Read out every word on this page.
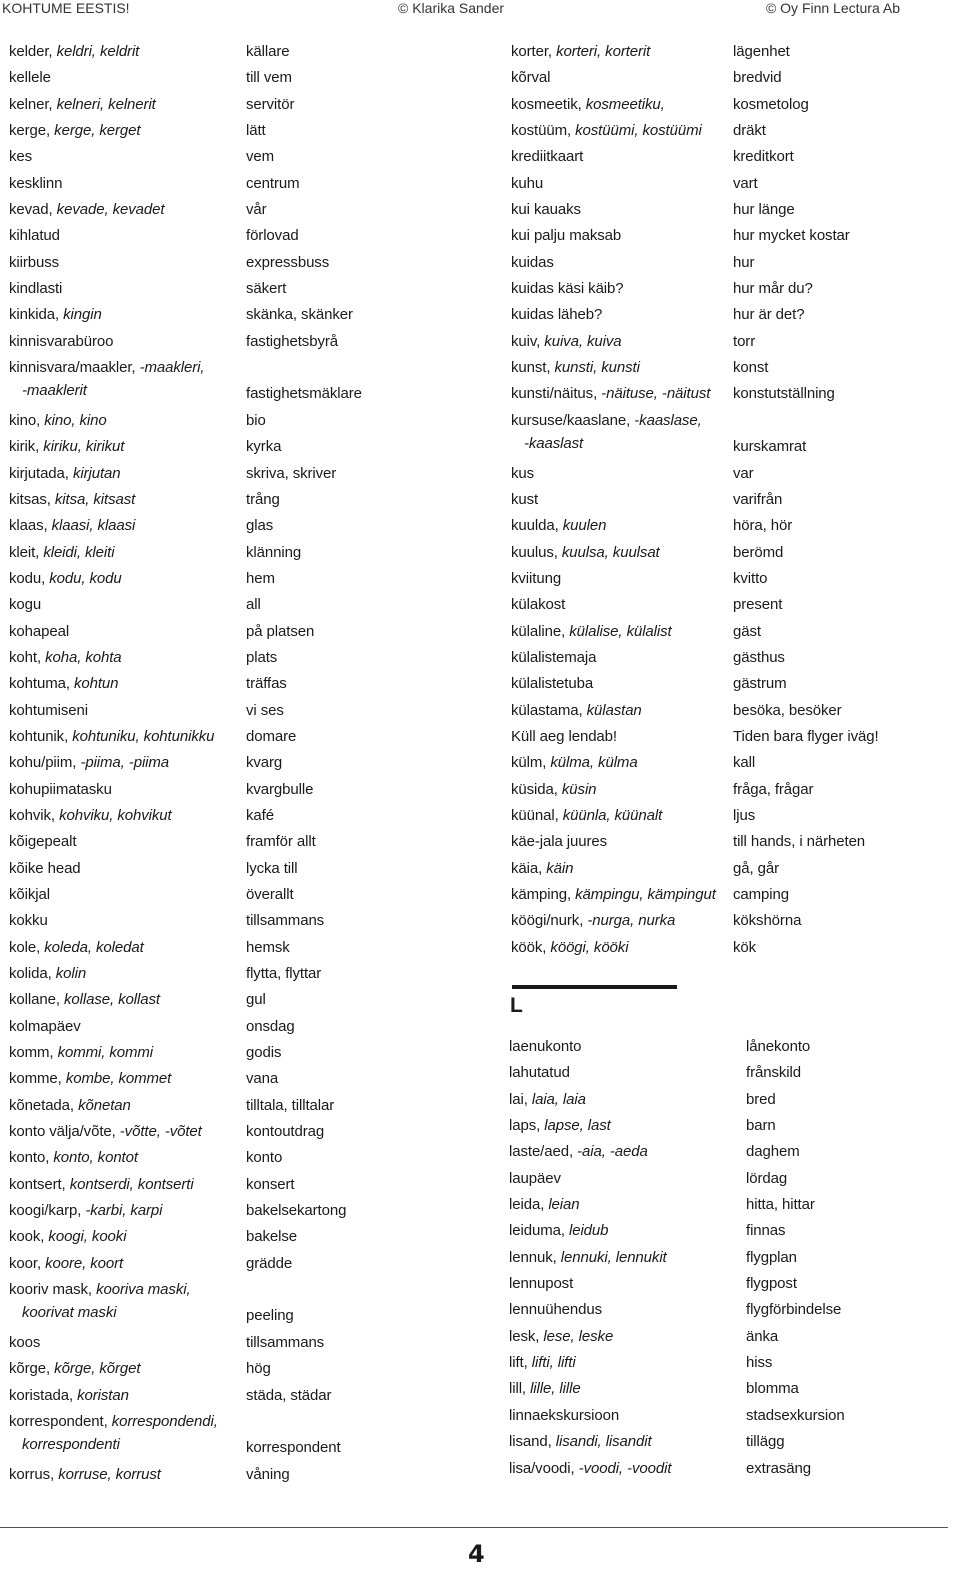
KOHTUME EESTIS!	© Klarika Sander	© Oy Finn Lectura Ab
kelder, keldri, keldrit	källare
kellele	till vem
kelner, kelneri, kelnerit	servitör
kerge, kerge, kerget	lätt
kes	vem
kesklinn	centrum
kevad, kevade, kevadet	vår
kihlatud	förlovad
kiirbuss	expressbuss
kindlasti	säkert
kinkida, kingin	skänka, skänker
kinnisvarabüroo	fastighetsbyrå
kinnisvara/maakler, -maakleri,
-maaklerit	fastighetsmäklare
kino, kino, kino	bio
kirik, kiriku, kirikut	kyrka
kirjutada, kirjutan	skriva, skriver
kitsas, kitsa, kitsast	trång
klaas, klaasi, klaasi	glas
kleit, kleidi, kleiti	klänning
kodu, kodu, kodu	hem
kogu	all
kohapeal	på platsen
koht, koha, kohta	plats
kohtuma, kohtun	träffas
kohtumiseni	vi ses
kohtunik, kohtuniku, kohtunikku	domare
kohu/piim, -piima, -piima	kvarg
kohupiimatasku	kvargbulle
kohvik, kohviku, kohvikut	kafé
kõigepealt	framför allt
kõike head	lycka till
kõikjal	överallt
kokku	tillsammans
kole, koleda, koledat	hemsk
kolida, kolin	flytta, flyttar
kollane, kollase, kollast	gul
kolmapäev	onsdag
komm, kommi, kommi	godis
komme, kombe, kommet	vana
kõnetada, kõnetan	tilltala, tilltalar
konto välja/võte, -võtte, -võtet	kontoutdrag
konto, konto, kontot	konto
kontsert, kontserdi, kontserti	konsert
koogi/karp, -karbi, karpi	bakelsekartong
kook, koogi, kooki	bakelse
koor, koore, koort	grädde
kooriv mask, kooriva maski,
koorivat maski	peeling
koos	tillsammans
kõrge, kõrge, kõrget	hög
koristada, koristan	städa, städar
korrespondent, korrespondendi,
korrespondenti	korrespondent
korrus, korruse, korrust	våning
korter, korteri, korterit	lägenhet
kõrval	bredvid
kosmeetik, kosmeetiku,	kosmetolog
kostüüm, kostüümi, kostüümi	dräkt
krediitkaart	kreditkort
kuhu	vart
kui kauaks	hur länge
kui palju maksab	hur mycket kostar
kuidas	hur
kuidas käsi käib?	hur mår du?
kuidas läheb?	hur är det?
kuiv, kuiva, kuiva	torr
kunst, kunsti, kunsti	konst
kunsti/näitus, -näituse, -näitust	konstutställning
kursuse/kaaslane, -kaaslase,
-kaaslast	kurskamrat
kus	var
kust	varifrån
kuulda, kuulen	höra, hör
kuulus, kuulsa, kuulsat	berömd
kviitung	kvitto
külakost	present
külaline, külalise, külalist	gäst
külalistemaja	gästhus
külalistetuba	gästrum
külastama, külastan	besöka, besöker
Küll aeg lendab!	Tiden bara flyger iväg!
külm, külma, külma	kall
küsida, küsin	fråga, frågar
küünal, küünla, küünalt	ljus
käe-jala juures	till hands, i närheten
käia, käin	gå, går
kämping, kämpingu, kämpingut	camping
köögi/nurk, -nurga, nurka	kökshörna
köök, köögi, kööki	kök
L
laenukonto	lånekonto
lahutatud	frånskild
lai, laia, laia	bred
laps, lapse, last	barn
laste/aed, -aia, -aeda	daghem
laupäev	lördag
leida, leian	hitta, hittar
leiduma, leidub	finnas
lennuk, lennuki, lennukit	flygplan
lennupost	flygpost
lennuühendus	flygförbindelse
lesk, lese, leske	änka
lift, lifti, lifti	hiss
lill, lille, lille	blomma
linnaekskursioon	stadsexkursion
lisand, lisandi, lisandit	tillägg
lisa/voodi, -voodi, -voodit	extrasäng
4
